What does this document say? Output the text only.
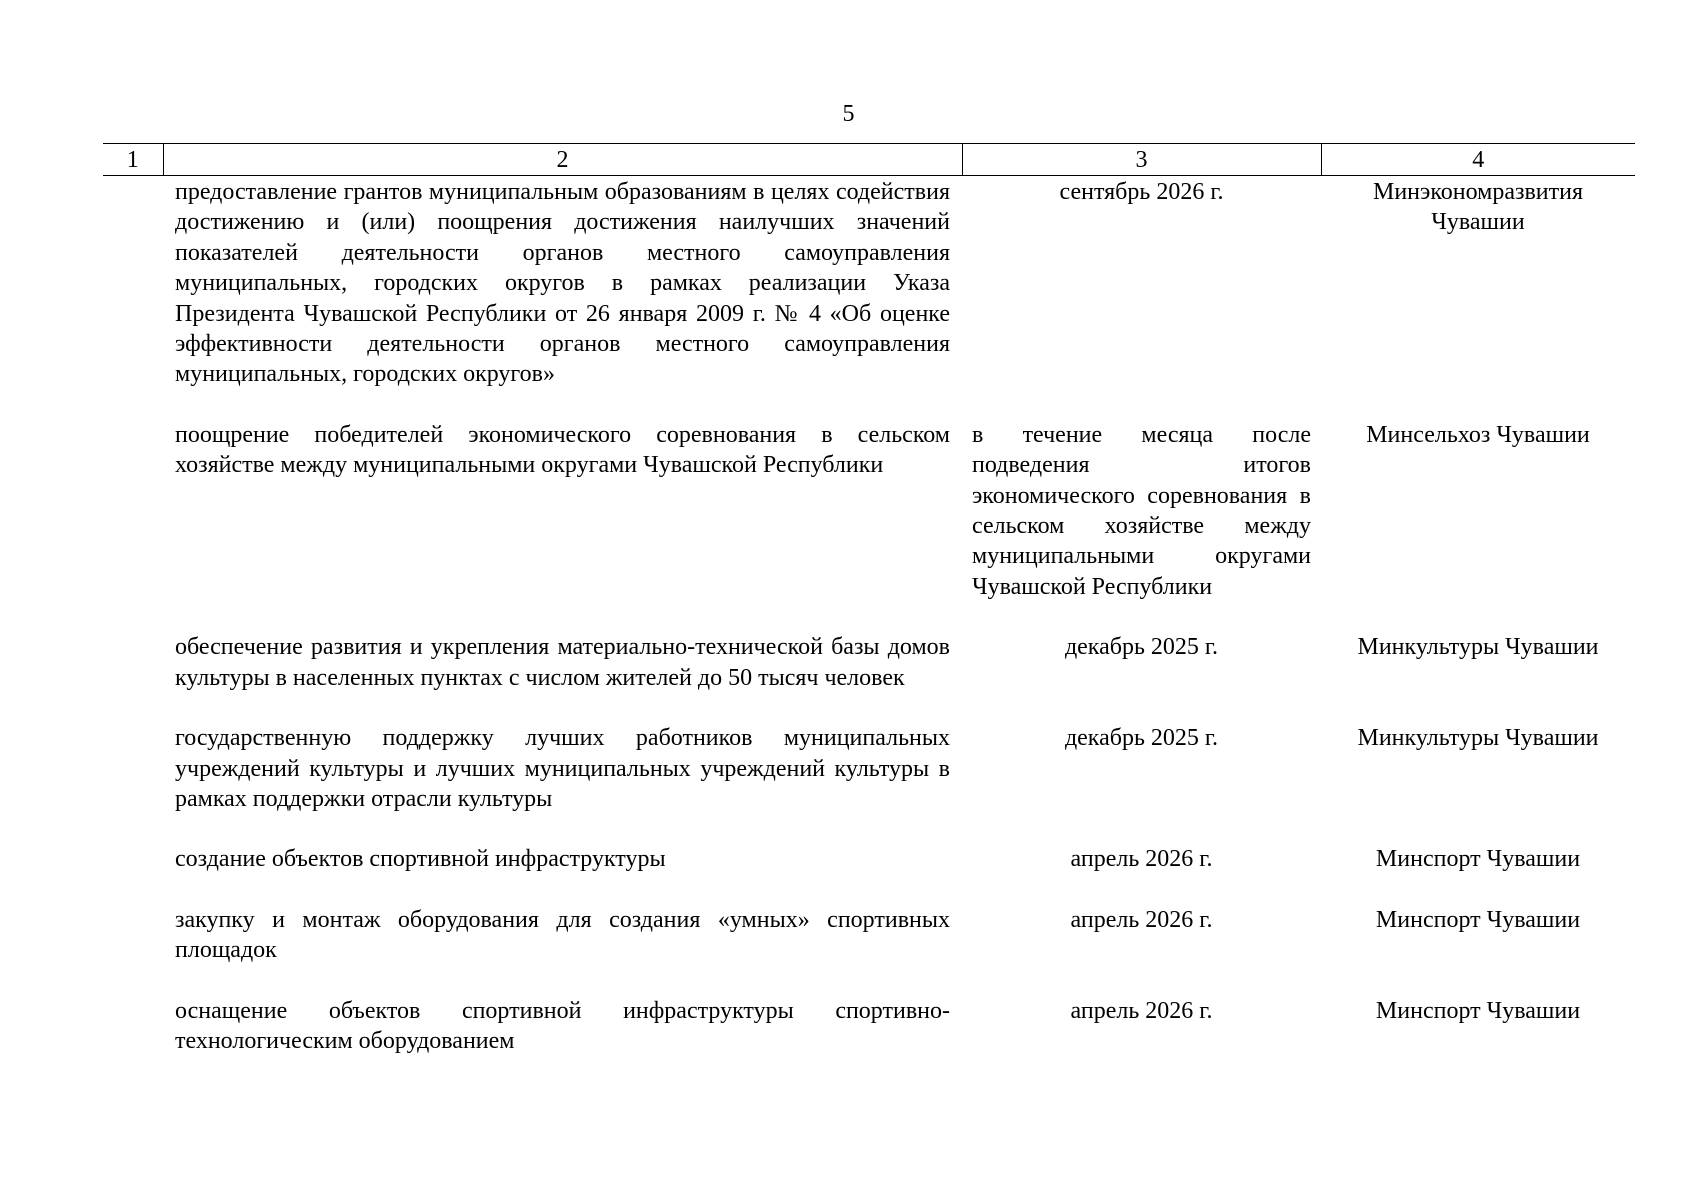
5
1	2	3	4
	предоставление грантов муниципальным образованиям в целях содействия достижению и (или) поощрения достижения наилучших значений показателей деятельности органов местного самоуправления муниципальных, городских округов в рамках реализации Указа Президента Чувашской Республики от 26 января 2009 г. № 4 «Об оценке эффективности деятельности органов местного самоуправления муниципальных, городских округов»	сентябрь 2026 г.	Минэкономразвития Чувашии
	поощрение победителей экономического соревнования в сельском хозяйстве между муниципальными округами Чувашской Республики	в течение месяца после подведения итогов экономического соревнования в сельском хозяйстве между муниципальными округами Чувашской Республики	Минсельхоз Чувашии
	обеспечение развития и укрепления материально-технической базы домов культуры в населенных пунктах с числом жителей до 50 тысяч человек	декабрь 2025 г.	Минкультуры Чувашии
	государственную поддержку лучших работников муниципальных учреждений культуры и лучших муниципальных учреждений культуры в рамках поддержки отрасли культуры	декабрь 2025 г.	Минкультуры Чувашии
	создание объектов спортивной инфраструктуры	апрель 2026 г.	Минспорт Чувашии
	закупку и монтаж оборудования для создания «умных» спортивных площадок	апрель 2026 г.	Минспорт Чувашии
	оснащение объектов спортивной инфраструктуры спортивно-технологическим оборудованием	апрель 2026 г.	Минспорт Чувашии
